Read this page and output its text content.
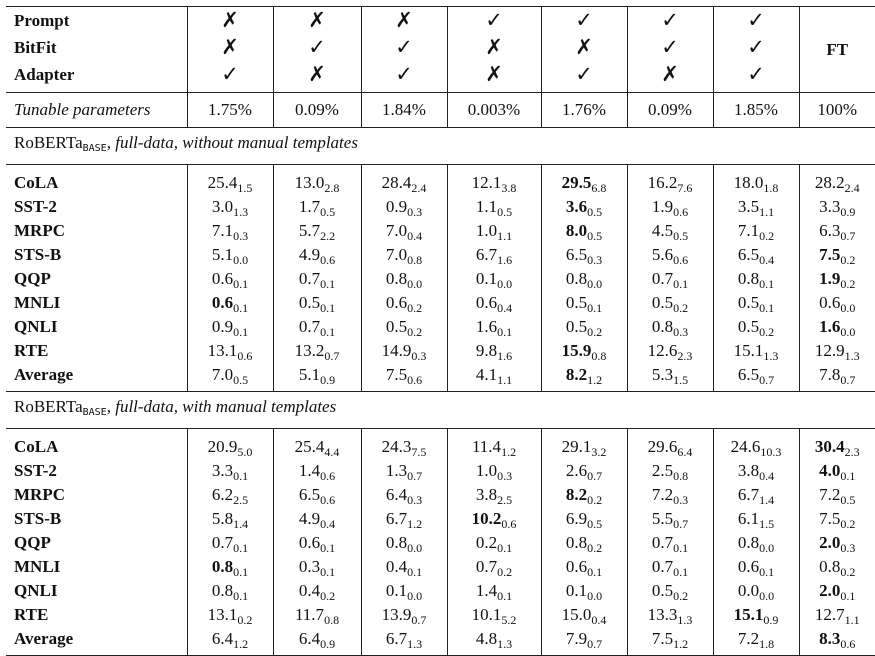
Prompt	✗	✗	✗	✓	✓	✓	✓	FT
BitFit	✗	✓	✓	✗	✗	✓	✓	
Adapter	✓	✗	✓	✗	✓	✗	✓	
Tunable parameters	1.75%	0.09%	1.84%	0.003%	1.76%	0.09%	1.85%	100%
RoBERTaBASE, full-data, without manual templates								
CoLA	$25.4_{1.5}$	$13.0_{2.8}$	$28.4_{2.4}$	$12.1_{3.8}$	$29.5_{6.8}$	$16.2_{7.6}$	$18.0_{1.8}$	$28.2_{2.4}$
SST-2	$3.0_{1.3}$	$1.7_{0.5}$	$0.9_{0.3}$	$1.1_{0.5}$	$3.6_{0.5}$	$1.9_{0.6}$	$3.5_{1.1}$	$3.3_{0.9}$
MRPC	$7.1_{0.3}$	$5.7_{2.2}$	$7.0_{0.4}$	$1.0_{1.1}$	$8.0_{0.5}$	$4.5_{0.5}$	$7.1_{0.2}$	$6.3_{0.7}$
STS-B	$5.1_{0.0}$	$4.9_{0.6}$	$7.0_{0.8}$	$6.7_{1.6}$	$6.5_{0.3}$	$5.6_{0.6}$	$6.5_{0.4}$	$7.5_{0.2}$
QQP	$0.6_{0.1}$	$0.7_{0.1}$	$0.8_{0.0}$	$0.1_{0.0}$	$0.8_{0.0}$	$0.7_{0.1}$	$0.8_{0.1}$	$1.9_{0.2}$
MNLI	$0.6_{0.1}$	$0.5_{0.1}$	$0.6_{0.2}$	$0.6_{0.4}$	$0.5_{0.1}$	$0.5_{0.2}$	$0.5_{0.1}$	$0.6_{0.0}$
QNLI	$0.9_{0.1}$	$0.7_{0.1}$	$0.5_{0.2}$	$1.6_{0.1}$	$0.5_{0.2}$	$0.8_{0.3}$	$0.5_{0.2}$	$1.6_{0.0}$
RTE	$13.1_{0.6}$	$13.2_{0.7}$	$14.9_{0.3}$	$9.8_{1.6}$	$15.9_{0.8}$	$12.6_{2.3}$	$15.1_{1.3}$	$12.9_{1.3}$
Average	$7.0_{0.5}$	$5.1_{0.9}$	$7.5_{0.6}$	$4.1_{1.1}$	$8.2_{1.2}$	$5.3_{1.5}$	$6.5_{0.7}$	$7.8_{0.7}$
RoBERTaBASE, full-data, with manual templates								
CoLA	$20.9_{5.0}$	$25.4_{4.4}$	$24.3_{7.5}$	$11.4_{1.2}$	$29.1_{3.2}$	$29.6_{6.4}$	$24.6_{10.3}$	$30.4_{2.3}$
SST-2	$3.3_{0.1}$	$1.4_{0.6}$	$1.3_{0.7}$	$1.0_{0.3}$	$2.6_{0.7}$	$2.5_{0.8}$	$3.8_{0.4}$	$4.0_{0.1}$
MRPC	$6.2_{2.5}$	$6.5_{0.6}$	$6.4_{0.3}$	$3.8_{2.5}$	$8.2_{0.2}$	$7.2_{0.3}$	$6.7_{1.4}$	$7.2_{0.5}$
STS-B	$5.8_{1.4}$	$4.9_{0.4}$	$6.7_{1.2}$	$10.2_{0.6}$	$6.9_{0.5}$	$5.5_{0.7}$	$6.1_{1.5}$	$7.5_{0.2}$
QQP	$0.7_{0.1}$	$0.6_{0.1}$	$0.8_{0.0}$	$0.2_{0.1}$	$0.8_{0.2}$	$0.7_{0.1}$	$0.8_{0.0}$	$2.0_{0.3}$
MNLI	$0.8_{0.1}$	$0.3_{0.1}$	$0.4_{0.1}$	$0.7_{0.2}$	$0.6_{0.1}$	$0.7_{0.1}$	$0.6_{0.1}$	$0.8_{0.2}$
QNLI	$0.8_{0.1}$	$0.4_{0.2}$	$0.1_{0.0}$	$1.4_{0.1}$	$0.1_{0.0}$	$0.5_{0.2}$	$0.0_{0.0}$	$2.0_{0.1}$
RTE	$13.1_{0.2}$	$11.7_{0.8}$	$13.9_{0.7}$	$10.1_{5.2}$	$15.0_{0.4}$	$13.3_{1.3}$	$15.1_{0.9}$	$12.7_{1.1}$
Average	$6.4_{1.2}$	$6.4_{0.9}$	$6.7_{1.3}$	$4.8_{1.3}$	$7.9_{0.7}$	$7.5_{1.2}$	$7.2_{1.8}$	$8.3_{0.6}$
